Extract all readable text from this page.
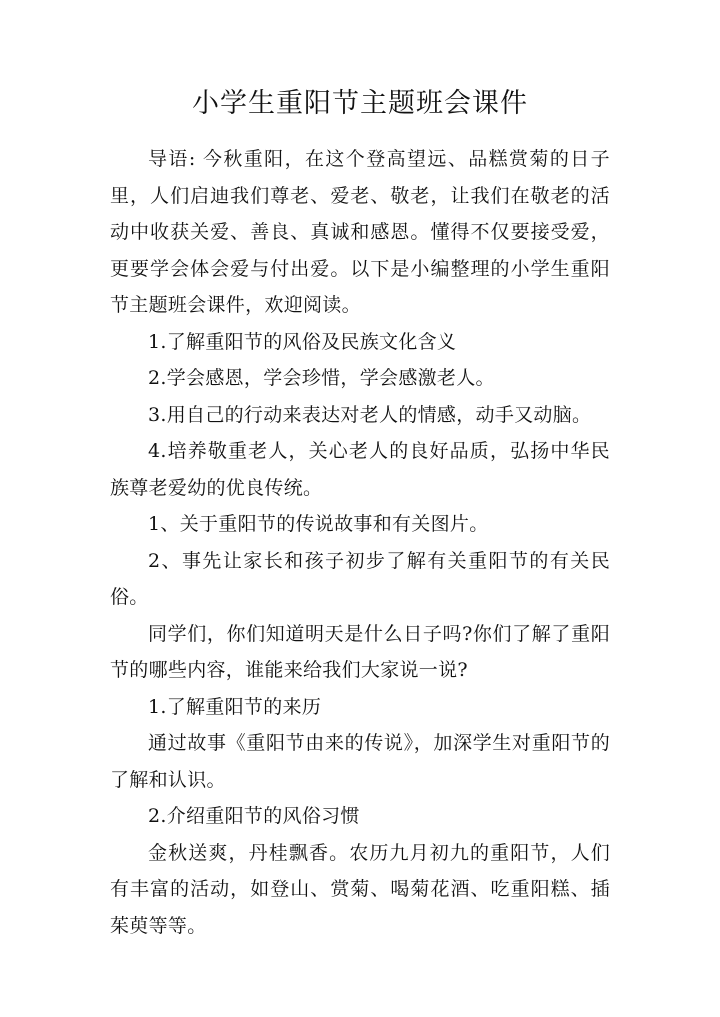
小学生重阳节主题班会课件

导语: 今秋重阳，在这个登高望远、品糕赏菊的日子里，人们启迪我们尊老、爱老、敬老，让我们在敬老的活动中收获关爱、善良、真诚和感恩。懂得不仅要接受爱，更要学会体会爱与付出爱。以下是小编整理的小学生重阳节主题班会课件，欢迎阅读。

1.了解重阳节的风俗及民族文化含义

2.学会感恩，学会珍惜，学会感激老人。

3.用自己的行动来表达对老人的情感，动手又动脑。

4.培养敬重老人，关心老人的良好品质，弘扬中华民族尊老爱幼的优良传统。

1、关于重阳节的传说故事和有关图片。

2、事先让家长和孩子初步了解有关重阳节的有关民俗。

同学们，你们知道明天是什么日子吗?你们了解了重阳节的哪些内容，谁能来给我们大家说一说?

1.了解重阳节的来历

通过故事《重阳节由来的传说》，加深学生对重阳节的了解和认识。

2.介绍重阳节的风俗习惯

金秋送爽，丹桂飘香。农历九月初九的重阳节，人们有丰富的活动，如登山、赏菊、喝菊花酒、吃重阳糕、插茱萸等等。
